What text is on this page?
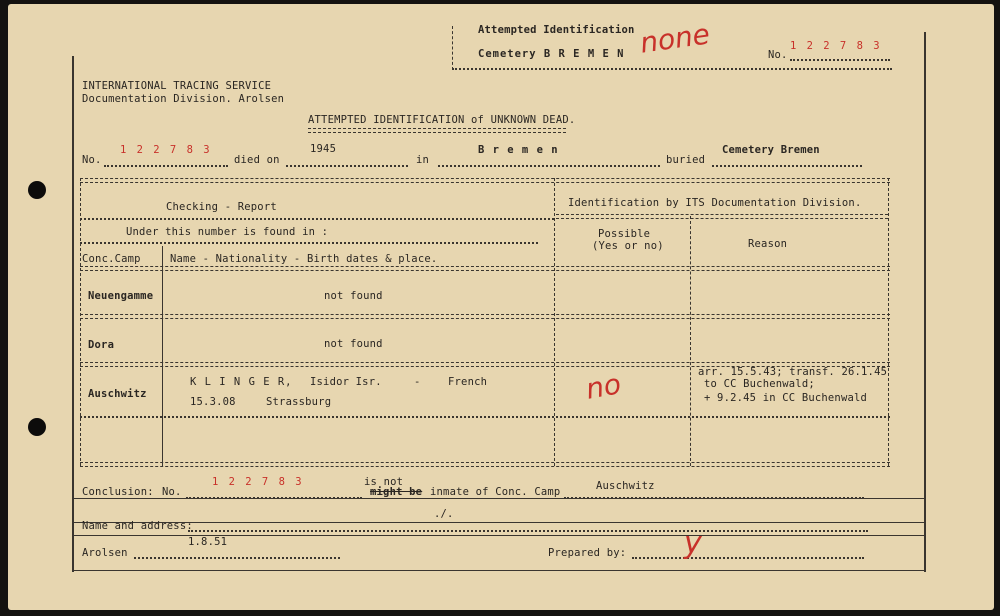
Attempted Identification
Cemetery B R E M E N none	No.
1 2 2 7 8 3
INTERNATIONAL TRACING SERVICE
Documentation Division. Arolsen
ATTEMPTED IDENTIFICATION of UNKNOWN DEAD.
No.
1 2 2 7 8 3
died on
1945
in
B r e m e n
buried
Cemetery Bremen
Checking - Report	Identification by ITS Documentation Division.
Under this number is found in :	Possible
(Yes or no)	Reason
Conc.Camp	Name - Nationality - Birth dates & place.
Neuengamme	not found
Dora	not found
Auschwitz
K L I N G E R, Isidor Isr.	-	French
15.3.08	Strassburg	no	arr. 15.5.43; transf. 26.1.45
to CC Buchenwald;
+ 9.2.45 in CC Buchenwald
Conclusion: No.
1 2 2 7 8 3	is not
might be inmate of Conc. Camp	Auschwitz
./.
Name and address:
Arolsen
1.8.51
Prepared by: y
